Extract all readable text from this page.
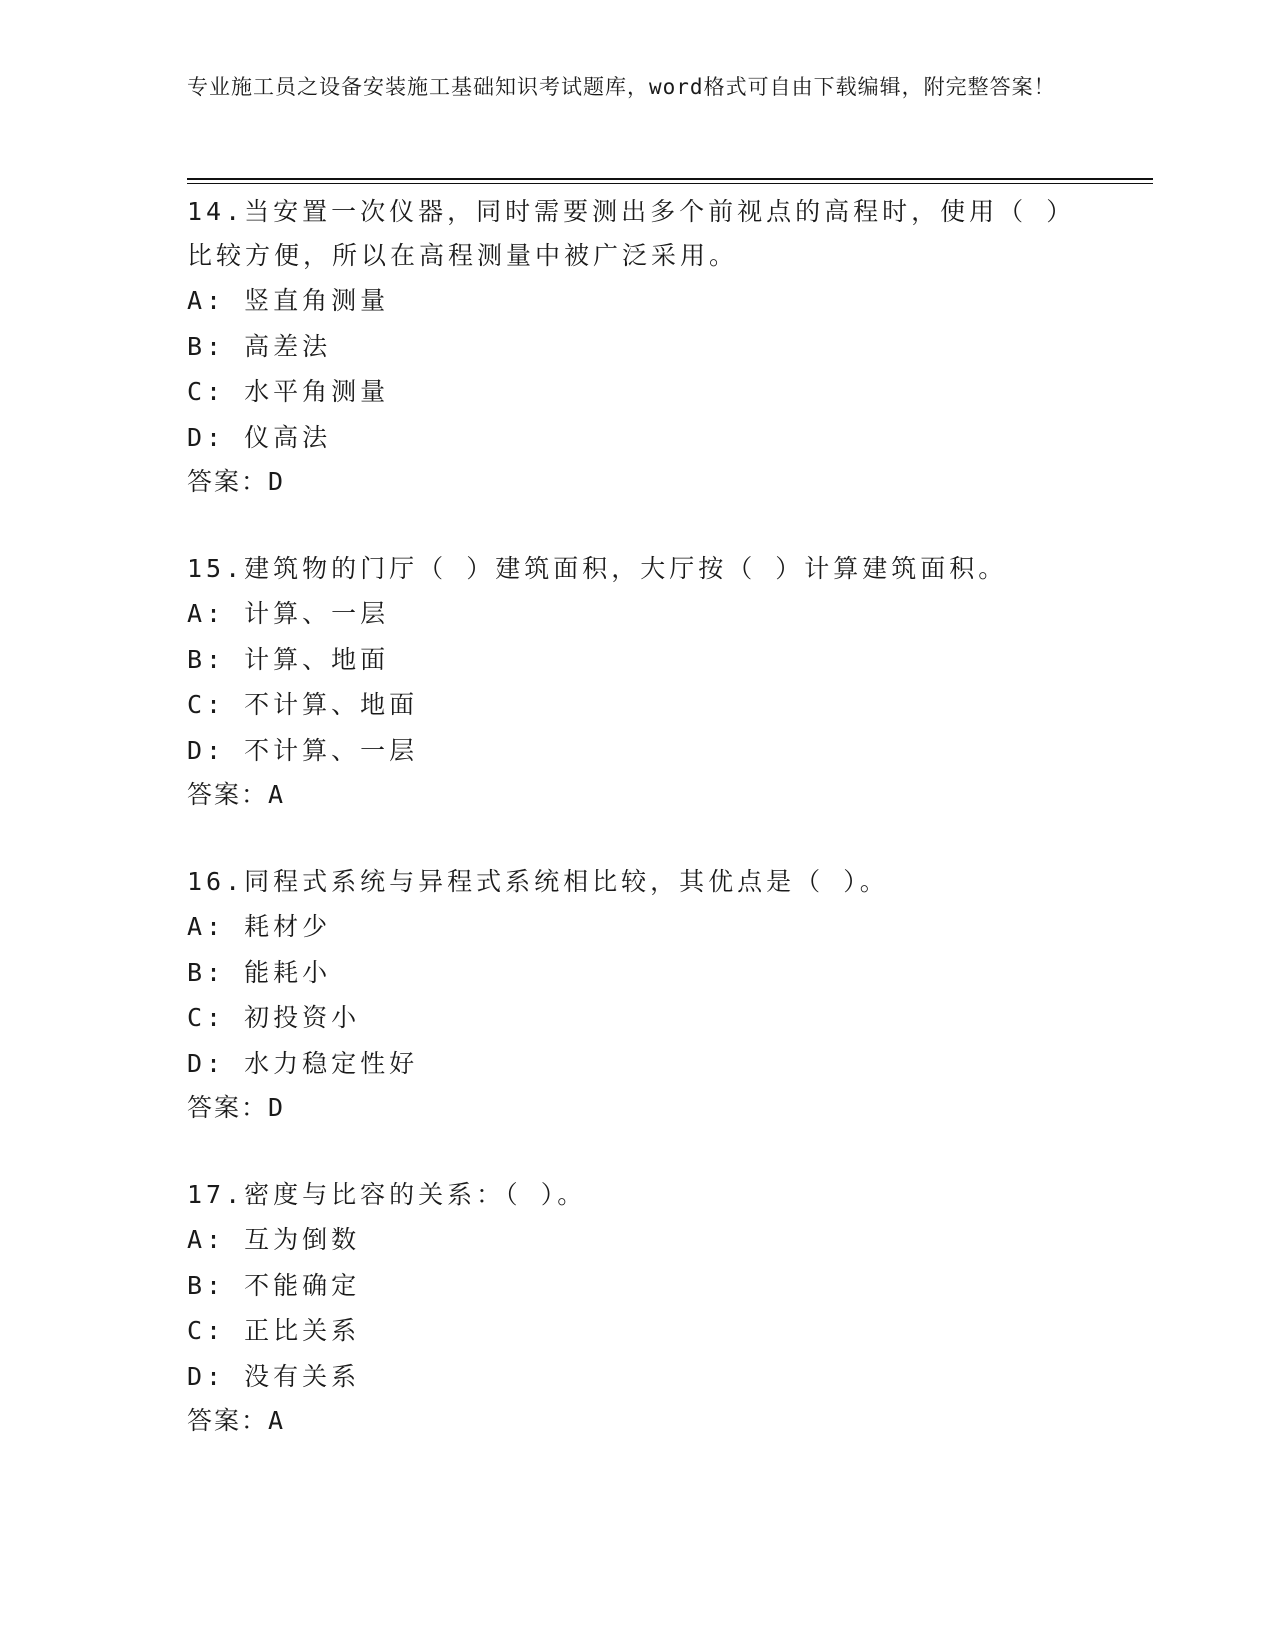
专业施工员之设备安装施工基础知识考试题库，word格式可自由下载编辑，附完整答案！

14.当安置一次仪器，同时需要测出多个前视点的高程时，使用（ ）

比较方便，所以在高程测量中被广泛采用。

A: 竖直角测量

B: 高差法

C: 水平角测量

D: 仪高法

答案：D

15.建筑物的门厅（ ）建筑面积，大厅按（ ）计算建筑面积。

A: 计算、一层

B: 计算、地面

C: 不计算、地面

D: 不计算、一层

答案：A

16.同程式系统与异程式系统相比较，其优点是（ ）。

A: 耗材少

B: 能耗小

C: 初投资小

D: 水力稳定性好

答案：D

17.密度与比容的关系：（ ）。

A: 互为倒数

B: 不能确定

C: 正比关系

D: 没有关系

答案：A
